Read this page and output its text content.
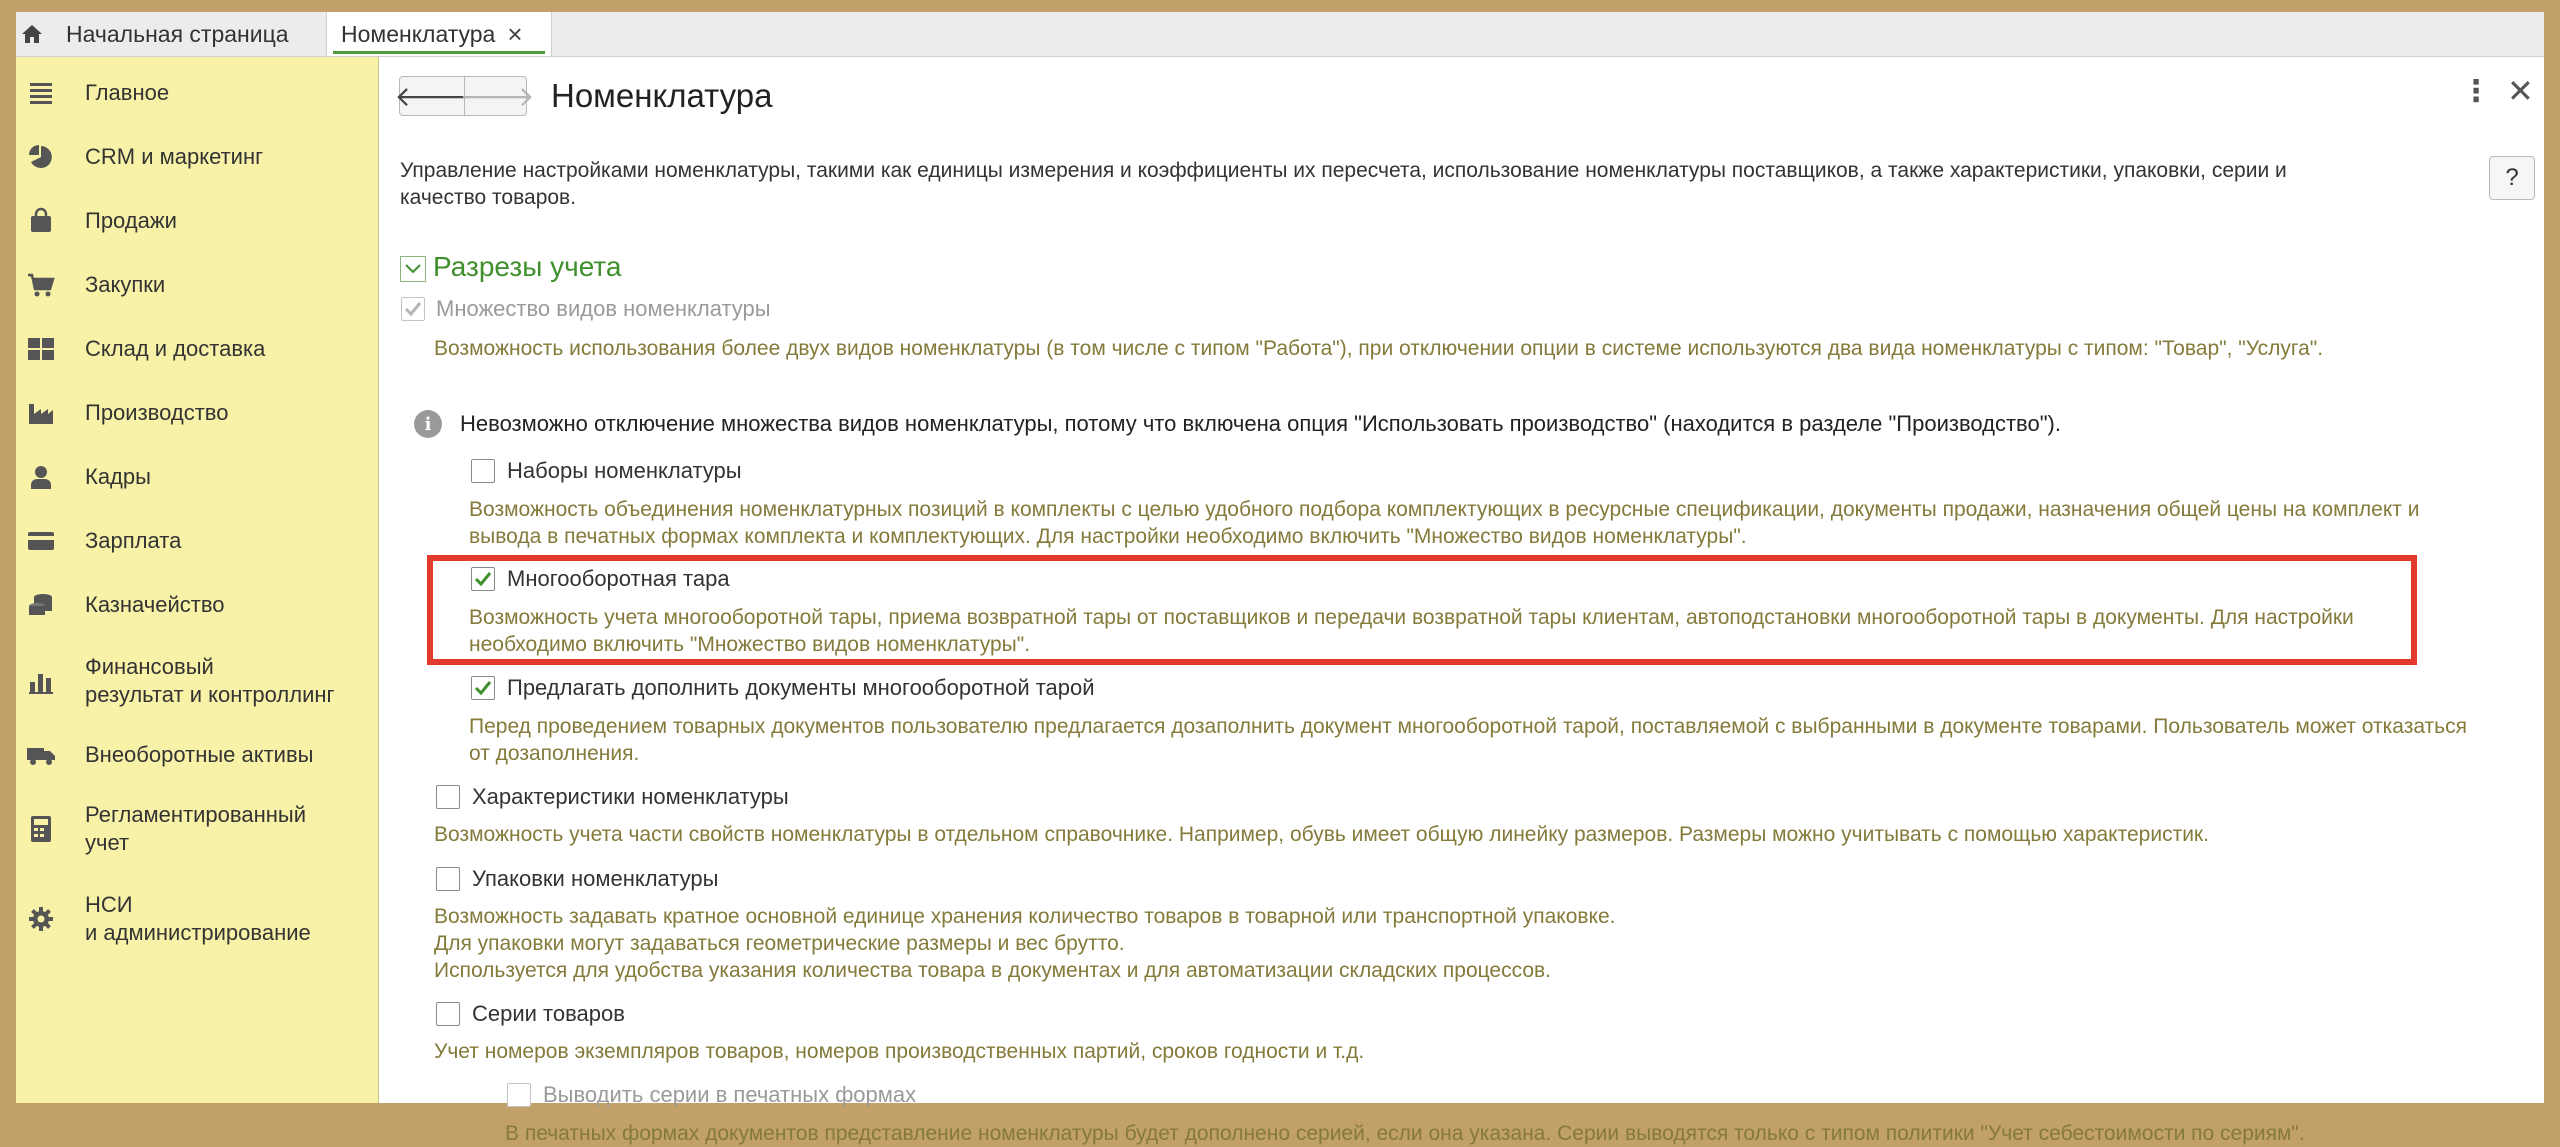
Начальная страница Номенклатура ×
Главное
CRM и маркетинг
Продажи
Закупки
Склад и доставка
Производство
Кадры
Зарплата
Казначейство
Финансовый
результат и контроллинг
Внеоборотные активы
Регламентированный
учет
НСИ
и администрирование
🡐
🡒 Номенклатура	⋮ ✕
Управление настройками номенклатуры, такими как единицы измерения и коэффициенты их пересчета, использование номенклатуры поставщиков, а также характеристики, упаковки, серии и качество товаров.
?
Разрезы учета
Множество видов номенклатуры
Возможность использования более двух видов номенклатуры (в том числе с типом "Работа"), при отключении опции в системе используются два вида номенклатуры с типом: "Товар", "Услуга".
i	Невозможно отключение множества видов номенклатуры, потому что включена опция "Использовать производство" (находится в разделе "Производство").
Наборы номенклатуры
Возможность объединения номенклатурных позиций в комплекты с целью удобного подбора комплектующих в ресурсные спецификации, документы продажи, назначения общей цены на комплект и вывода в печатных формах комплекта и комплектующих. Для настройки необходимо включить "Множество видов номенклатуры".
Многооборотная тара
Возможность учета многооборотной тары, приема возвратной тары от поставщиков и передачи возвратной тары клиентам, автоподстановки многооборотной тары в документы. Для настройки необходимо включить "Множество видов номенклатуры".
Предлагать дополнить документы многооборотной тарой
Перед проведением товарных документов пользователю предлагается дозаполнить документ многооборотной тарой, поставляемой с выбранными в документе товарами. Пользователь может отказаться от дозаполнения.
Характеристики номенклатуры
Возможность учета части свойств номенклатуры в отдельном справочнике. Например, обувь имеет общую линейку размеров. Размеры можно учитывать с помощью характеристик.
Упаковки номенклатуры
Возможность задавать кратное основной единице хранения количество товаров в товарной или транспортной упаковке.
Для упаковки могут задаваться геометрические размеры и вес брутто.
Используется для удобства указания количества товара в документах и для автоматизации складских процессов.
Серии товаров
Учет номеров экземпляров товаров, номеров производственных партий, сроков годности и т.д.
Выводить серии в печатных формах
В печатных формах документов представление номенклатуры будет дополнено серией, если она указана. Серии выводятся только с типом политики "Учет себестоимости по сериям".
